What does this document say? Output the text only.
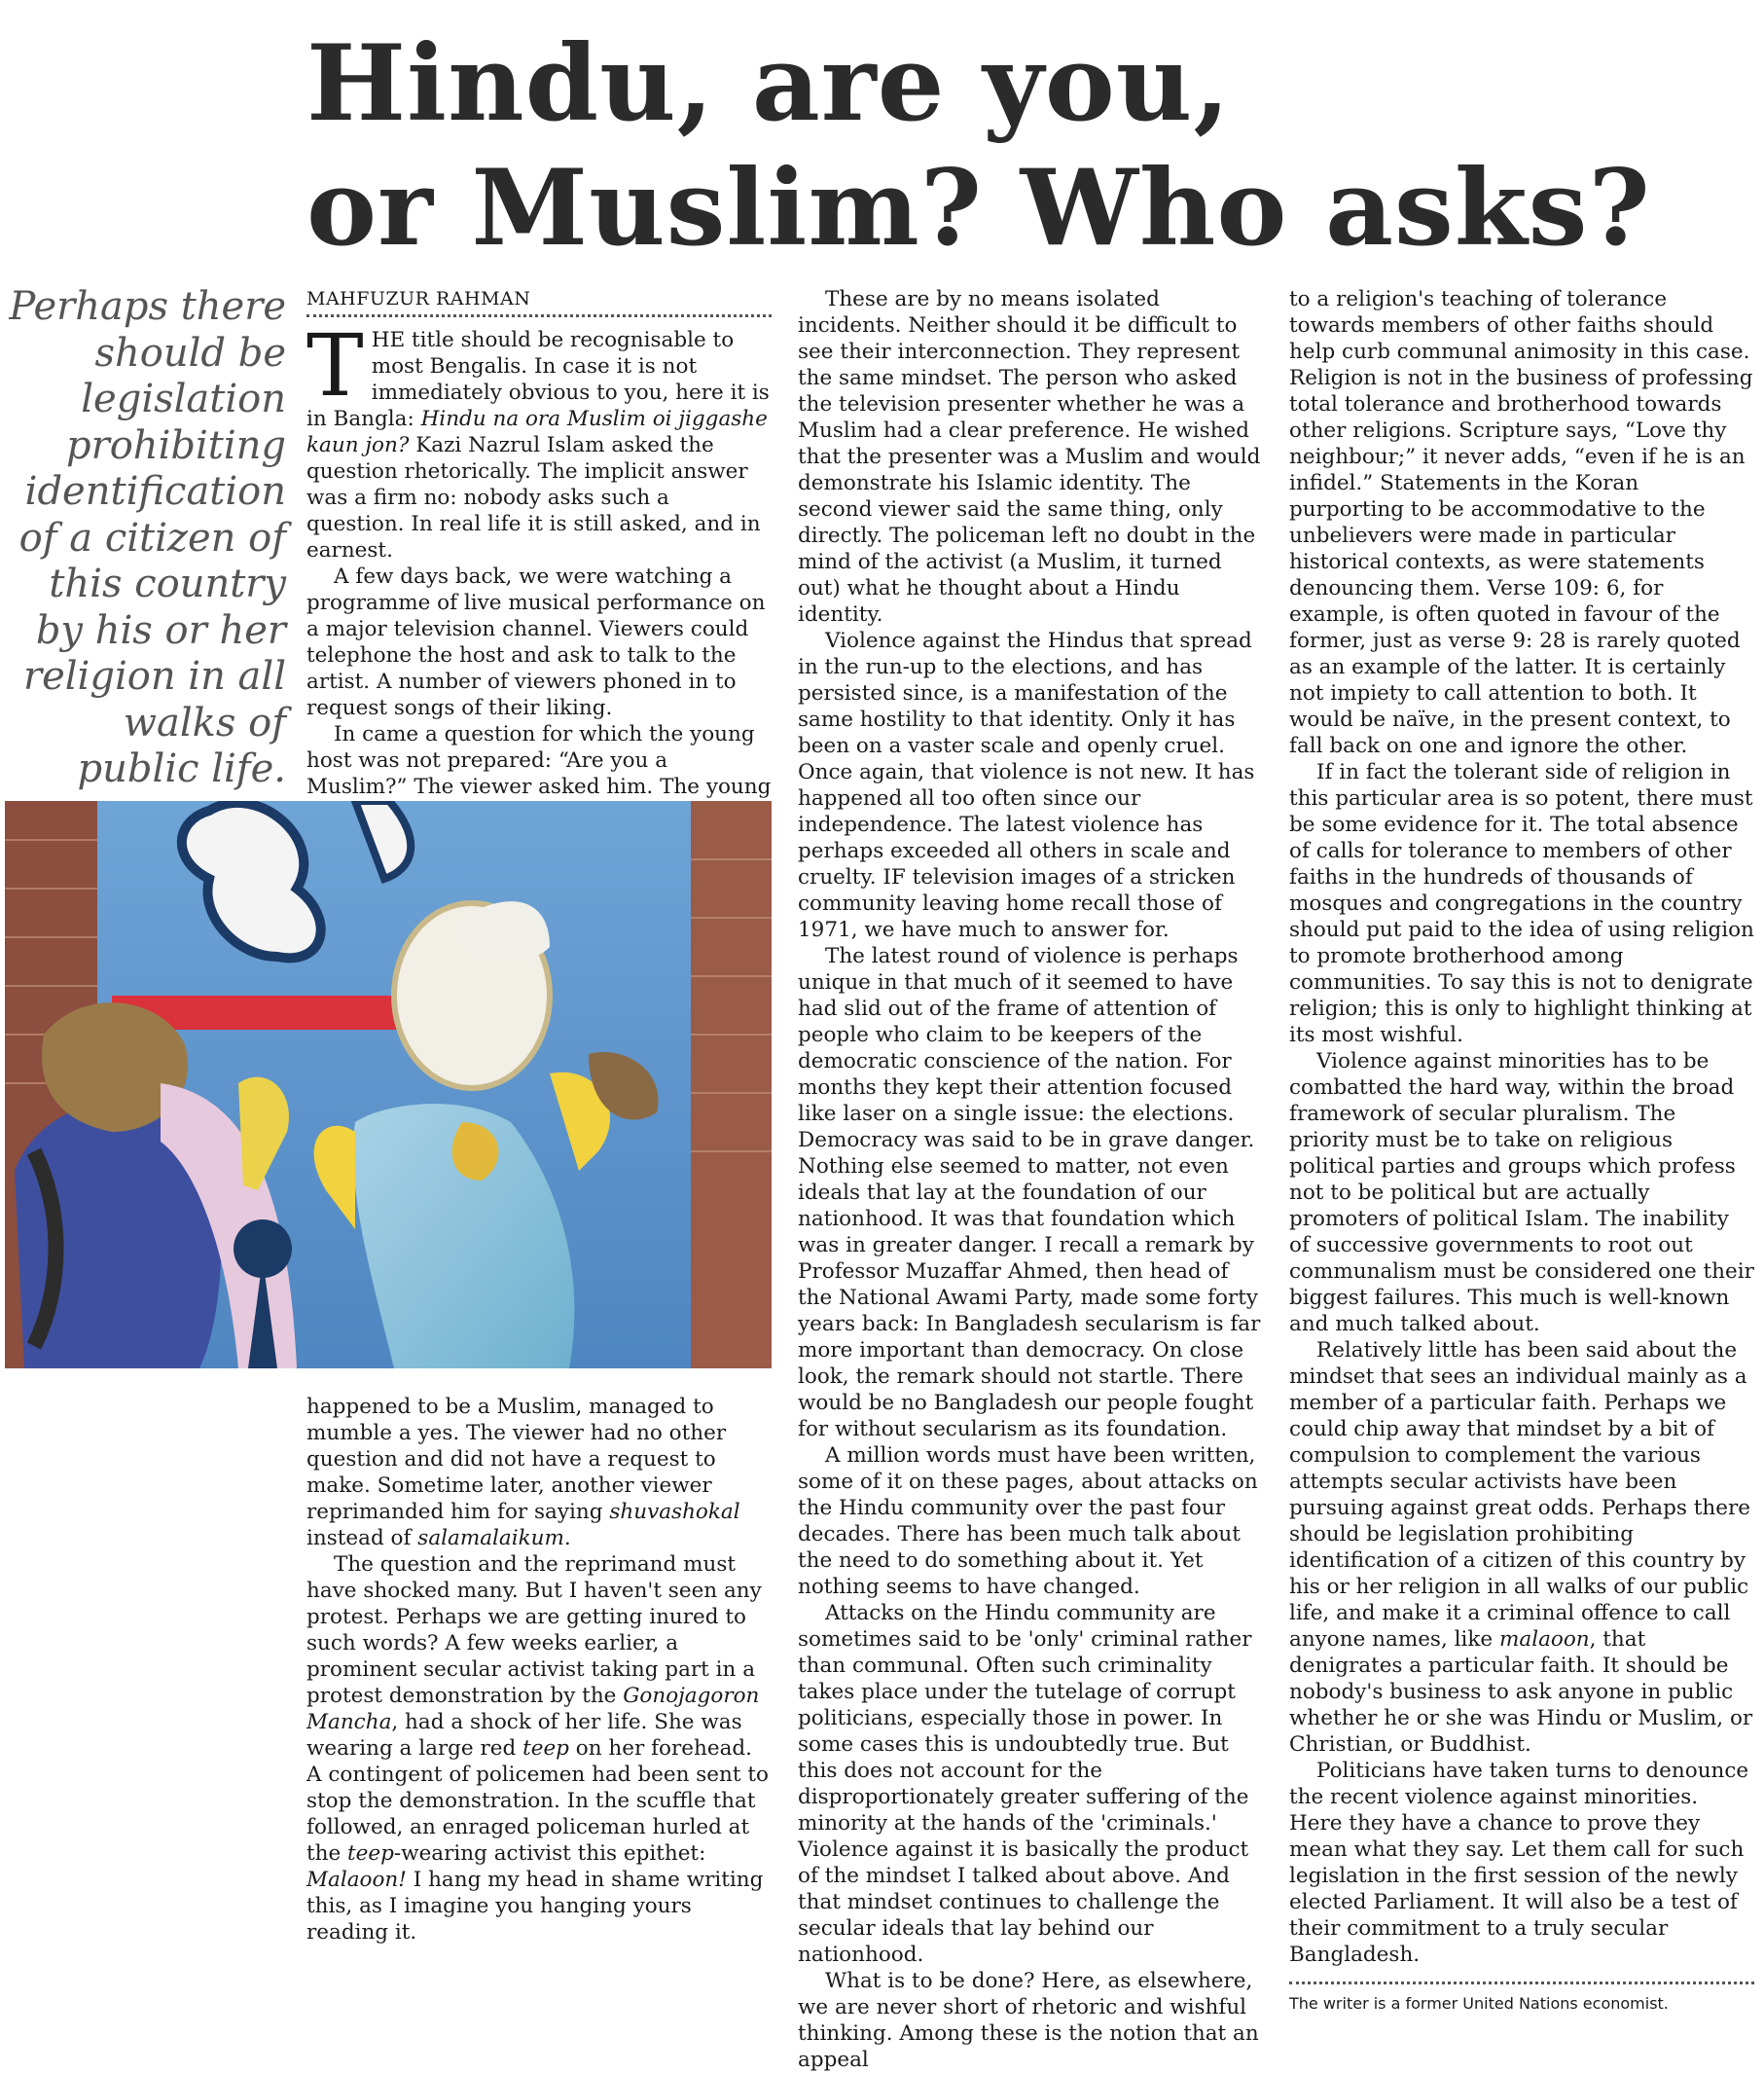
Hindu, are you,
or Muslim? Who asks?
Perhaps there should be legislation prohibiting identification of a citizen of this country by his or her religion in all walks of public life.
MAHFUZUR RAHMAN
T HE title should be recognisable to most Bengalis. In case it is not immediately obvious to you, here it is in Bangla: Hindu na ora Muslim oi jiggashe kaun jon? Kazi Nazrul Islam asked the question rhetorically. The implicit answer was a firm no: nobody asks such a question. In real life it is still asked, and in earnest.

A few days back, we were watching a programme of live musical performance on a major television channel. Viewers could telephone the host and ask to talk to the artist. A number of viewers phoned in to request songs of their liking.

In came a question for which the young host was not prepared: “Are you a Muslim?” The viewer asked him. The young

happened to be a Muslim, managed to mumble a yes. The viewer had no other question and did not have a request to make. Sometime later, another viewer reprimanded him for saying shuvashokal instead of salamalaikum.

The question and the reprimand must have shocked many. But I haven't seen any protest. Perhaps we are getting inured to such words? A few weeks earlier, a prominent secular activist taking part in a protest demonstration by the Gonojagoron Mancha, had a shock of her life. She was wearing a large red teep on her forehead. A contingent of policemen had been sent to stop the demonstration. In the scuffle that followed, an enraged policeman hurled at the teep-wearing activist this epithet: Malaoon! I hang my head in shame writing this, as I imagine you hanging yours reading it.

These are by no means isolated incidents. Neither should it be difficult to see their interconnection. They represent the same mindset. The person who asked the television presenter whether he was a Muslim had a clear preference. He wished that the presenter was a Muslim and would demonstrate his Islamic identity. The second viewer said the same thing, only directly. The policeman left no doubt in the mind of the activist (a Muslim, it turned out) what he thought about a Hindu identity.

Violence against the Hindus that spread in the run-up to the elections, and has persisted since, is a manifestation of the same hostility to that identity. Only it has been on a vaster scale and openly cruel. Once again, that violence is not new. It has happened all too often since our independence. The latest violence has perhaps exceeded all others in scale and cruelty. IF television images of a stricken community leaving home recall those of 1971, we have much to answer for.

The latest round of violence is perhaps unique in that much of it seemed to have had slid out of the frame of attention of people who claim to be keepers of the democratic conscience of the nation. For months they kept their attention focused like laser on a single issue: the elections. Democracy was said to be in grave danger. Nothing else seemed to matter, not even ideals that lay at the foundation of our nationhood. It was that foundation which was in greater danger. I recall a remark by Professor Muzaffar Ahmed, then head of the National Awami Party, made some forty years back: In Bangladesh secularism is far more important than democracy. On close look, the remark should not startle. There would be no Bangladesh our people fought for without secularism as its foundation.

A million words must have been written, some of it on these pages, about attacks on the Hindu community over the past four decades. There has been much talk about the need to do something about it. Yet nothing seems to have changed.

Attacks on the Hindu community are sometimes said to be 'only' criminal rather than communal. Often such criminality takes place under the tutelage of corrupt politicians, especially those in power. In some cases this is undoubtedly true. But this does not account for the disproportionately greater suffering of the minority at the hands of the 'criminals.' Violence against it is basically the product of the mindset I talked about above. And that mindset continues to challenge the secular ideals that lay behind our nationhood.

What is to be done? Here, as elsewhere, we are never short of rhetoric and wishful thinking. Among these is the notion that an appeal

to a religion's teaching of tolerance towards members of other faiths should help curb communal animosity in this case. Religion is not in the business of professing total tolerance and brotherhood towards other religions. Scripture says, “Love thy neighbour;” it never adds, “even if he is an infidel.” Statements in the Koran purporting to be accommodative to the unbelievers were made in particular historical contexts, as were statements denouncing them. Verse 109: 6, for example, is often quoted in favour of the former, just as verse 9: 28 is rarely quoted as an example of the latter. It is certainly not impiety to call attention to both. It would be naïve, in the present context, to fall back on one and ignore the other.

If in fact the tolerant side of religion in this particular area is so potent, there must be some evidence for it. The total absence of calls for tolerance to members of other faiths in the hundreds of thousands of mosques and congregations in the country should put paid to the idea of using religion to promote brotherhood among communities. To say this is not to denigrate religion; this is only to highlight thinking at its most wishful.

Violence against minorities has to be combatted the hard way, within the broad framework of secular pluralism. The priority must be to take on religious political parties and groups which profess not to be political but are actually promoters of political Islam. The inability of successive governments to root out communalism must be considered one their biggest failures. This much is well-known and much talked about.

Relatively little has been said about the mindset that sees an individual mainly as a member of a particular faith. Perhaps we could chip away that mindset by a bit of compulsion to complement the various attempts secular activists have been pursuing against great odds. Perhaps there should be legislation prohibiting identification of a citizen of this country by his or her religion in all walks of our public life, and make it a criminal offence to call anyone names, like malaoon, that denigrates a particular faith. It should be nobody's business to ask anyone in public whether he or she was Hindu or Muslim, or Christian, or Buddhist.

Politicians have taken turns to denounce the recent violence against minorities. Here they have a chance to prove they mean what they say. Let them call for such legislation in the first session of the newly elected Parliament. It will also be a test of their commitment to a truly secular Bangladesh.

The writer is a former United Nations economist.
